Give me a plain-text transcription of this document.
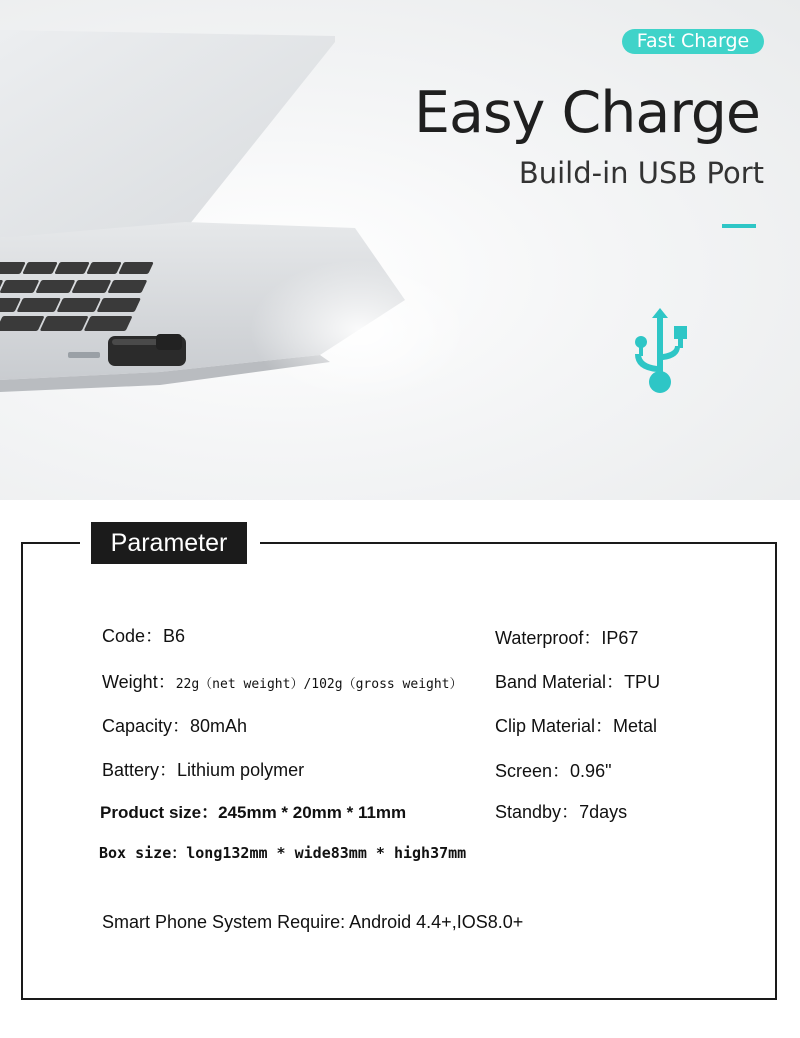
Fast Charge
Easy Charge
Build-in USB Port
Parameter
Code：B6
Weight：22g（net weight）/102g（gross weight）
Capacity：80mAh
Battery：Lithium polymer
Product size：245mm * 20mm * 11mm
Box size：long132mm * wide83mm * high37mm
Waterproof：IP67
Band Material：TPU
Clip Material：Metal
Screen：0.96"
Standby：7days
Smart Phone System Require: Android 4.4+,IOS8.0+
